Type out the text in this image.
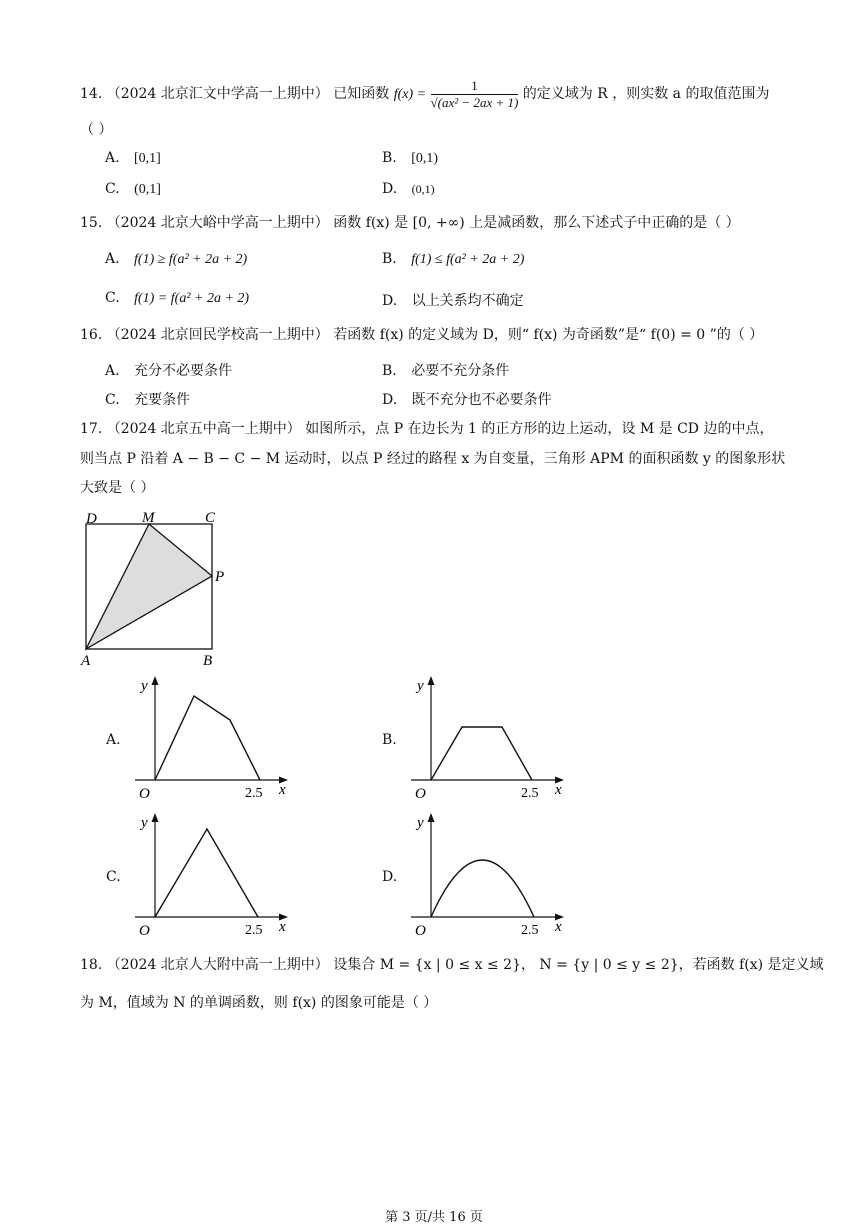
14. （2024 北京汇文中学高一上期中） 已知函数 $f(x) = \frac{1}{\text{√(ax² − 2ax + 1)}}$ 的定义域为 R ，则实数 a 的取值范围为
（ ）
A. [0,1]	B. [0,1)
C. (0,1]	D. (0,1)
15. （2024 北京大峪中学高一上期中） 函数 f(x) 是 [0, +∞) 上是减函数，那么下述式子中正确的是（ ）
A. f(1) ≥ f(a² + 2a + 2)	B. f(1) ≤ f(a² + 2a + 2)
C. f(1) = f(a² + 2a + 2)	D. 以上关系均不确定
16. （2024 北京回民学校高一上期中） 若函数 f(x) 的定义域为 D，则“ f(x) 为奇函数”是“ f(0) = 0 ”的（ ）
A. 充分不必要条件	B. 必要不充分条件
C. 充要条件	D. 既不充分也不必要条件
17. （2024 北京五中高一上期中） 如图所示，点 P 在边长为 1 的正方形的边上运动，设 M 是 CD 边的中点，
则当点 P 沿着 A − B − C − M 运动时，以点 P 经过的路程 x 为自变量，三角形 APM 的面积函数 y 的图象形状
大致是（ ）
D	M	C
P
A	B
A.
y
O	2.5 x
B.
y
O	2.5 x
C.
y
O	2.5 x
D.
y
O	2.5 x
18. （2024 北京人大附中高一上期中） 设集合 M = {x | 0 ≤ x ≤ 2}， N = {y | 0 ≤ y ≤ 2}，若函数 f(x) 是定义域
为 M，值域为 N 的单调函数，则 f(x) 的图象可能是（ ）
第 3 页/共 16 页
